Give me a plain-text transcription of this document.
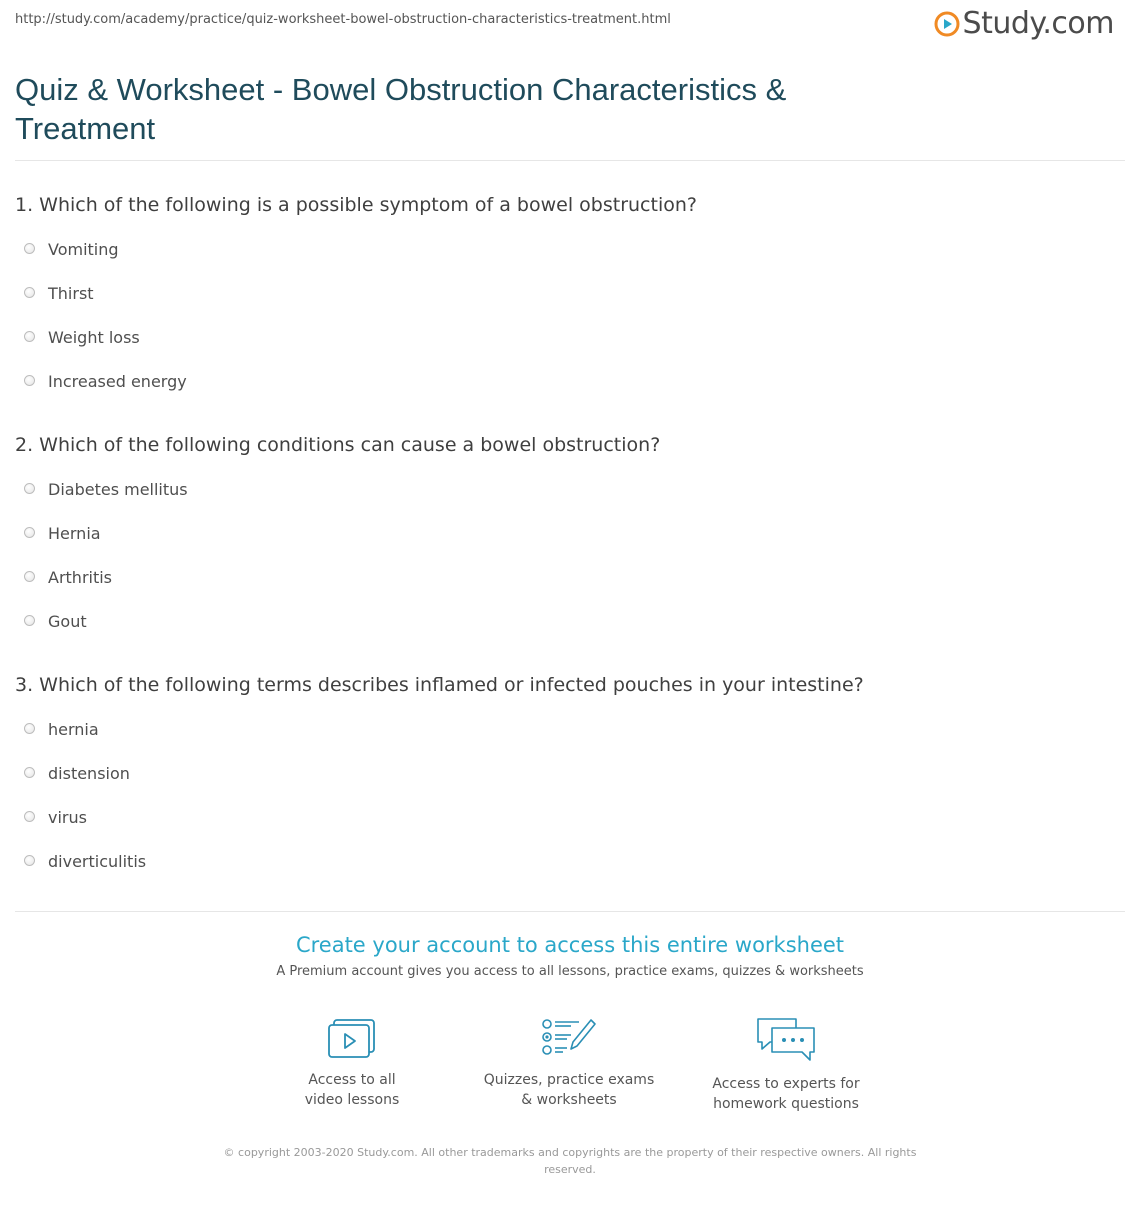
http://study.com/academy/practice/quiz-worksheet-bowel-obstruction-characteristics-treatment.html	Study.com
Quiz & Worksheet - Bowel Obstruction Characteristics & Treatment
1. Which of the following is a possible symptom of a bowel obstruction?
Vomiting
Thirst
Weight loss
Increased energy
2. Which of the following conditions can cause a bowel obstruction?
Diabetes mellitus
Hernia
Arthritis
Gout
3. Which of the following terms describes inflamed or infected pouches in your intestine?
hernia
distension
virus
diverticulitis
Create your account to access this entire worksheet
A Premium account gives you access to all lessons, practice exams, quizzes & worksheets
Access to all
video lessons
Quizzes, practice exams
& worksheets
Access to experts for
homework questions
© copyright 2003-2020 Study.com. All other trademarks and copyrights are the property of their respective owners. All rights reserved.
